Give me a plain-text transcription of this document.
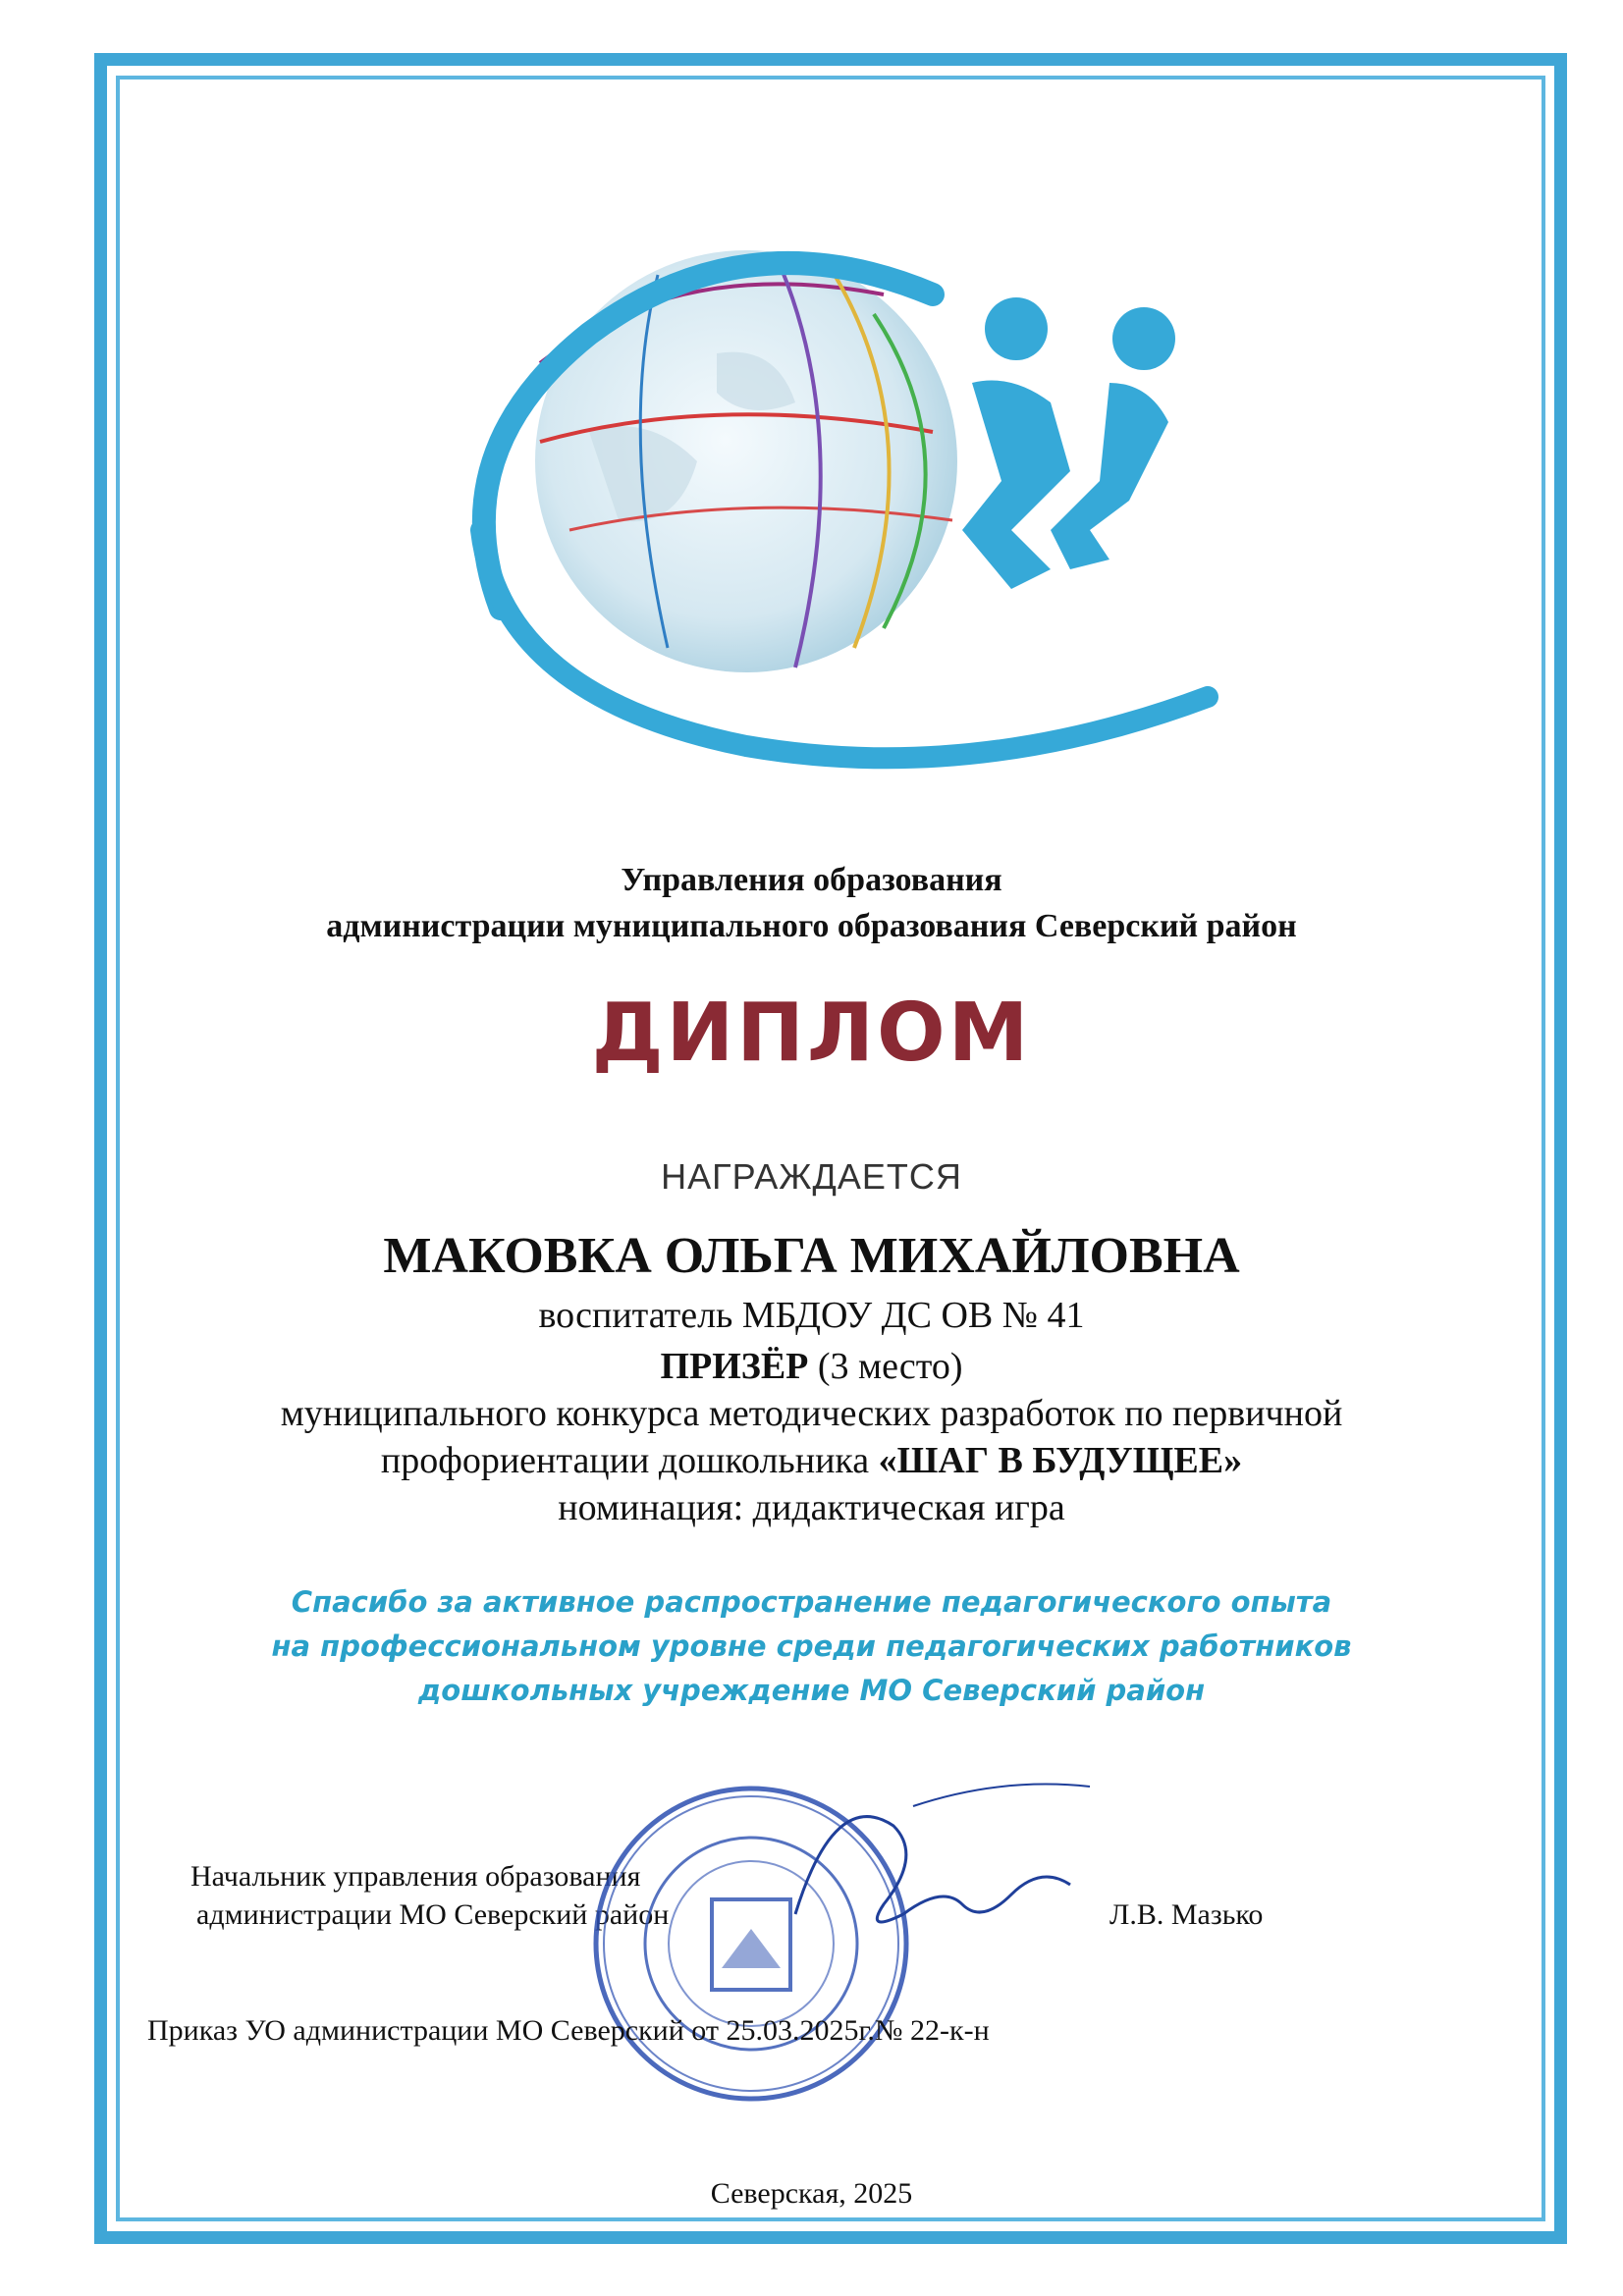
Управления образования
администрации муниципального образования Северский район
ДИПЛОМ
НАГРАЖДАЕТСЯ
МАКОВКА ОЛЬГА МИХАЙЛОВНА
воспитатель МБДОУ ДС ОВ № 41
ПРИЗЁР (3 место)
муниципального конкурса методических разработок по первичной
профориентации дошкольника «ШАГ В БУДУЩЕЕ»
номинация: дидактическая игра
Спасибо за активное распространение педагогического опыта
на профессиональном уровне среди педагогических работников
дошкольных учреждение МО Северский район
Начальник управления образования
администрации МО Северский район	Л.В. Мазько
Приказ УО администрации МО Северский от 25.03.2025г.№ 22-к-н
Северская, 2025
